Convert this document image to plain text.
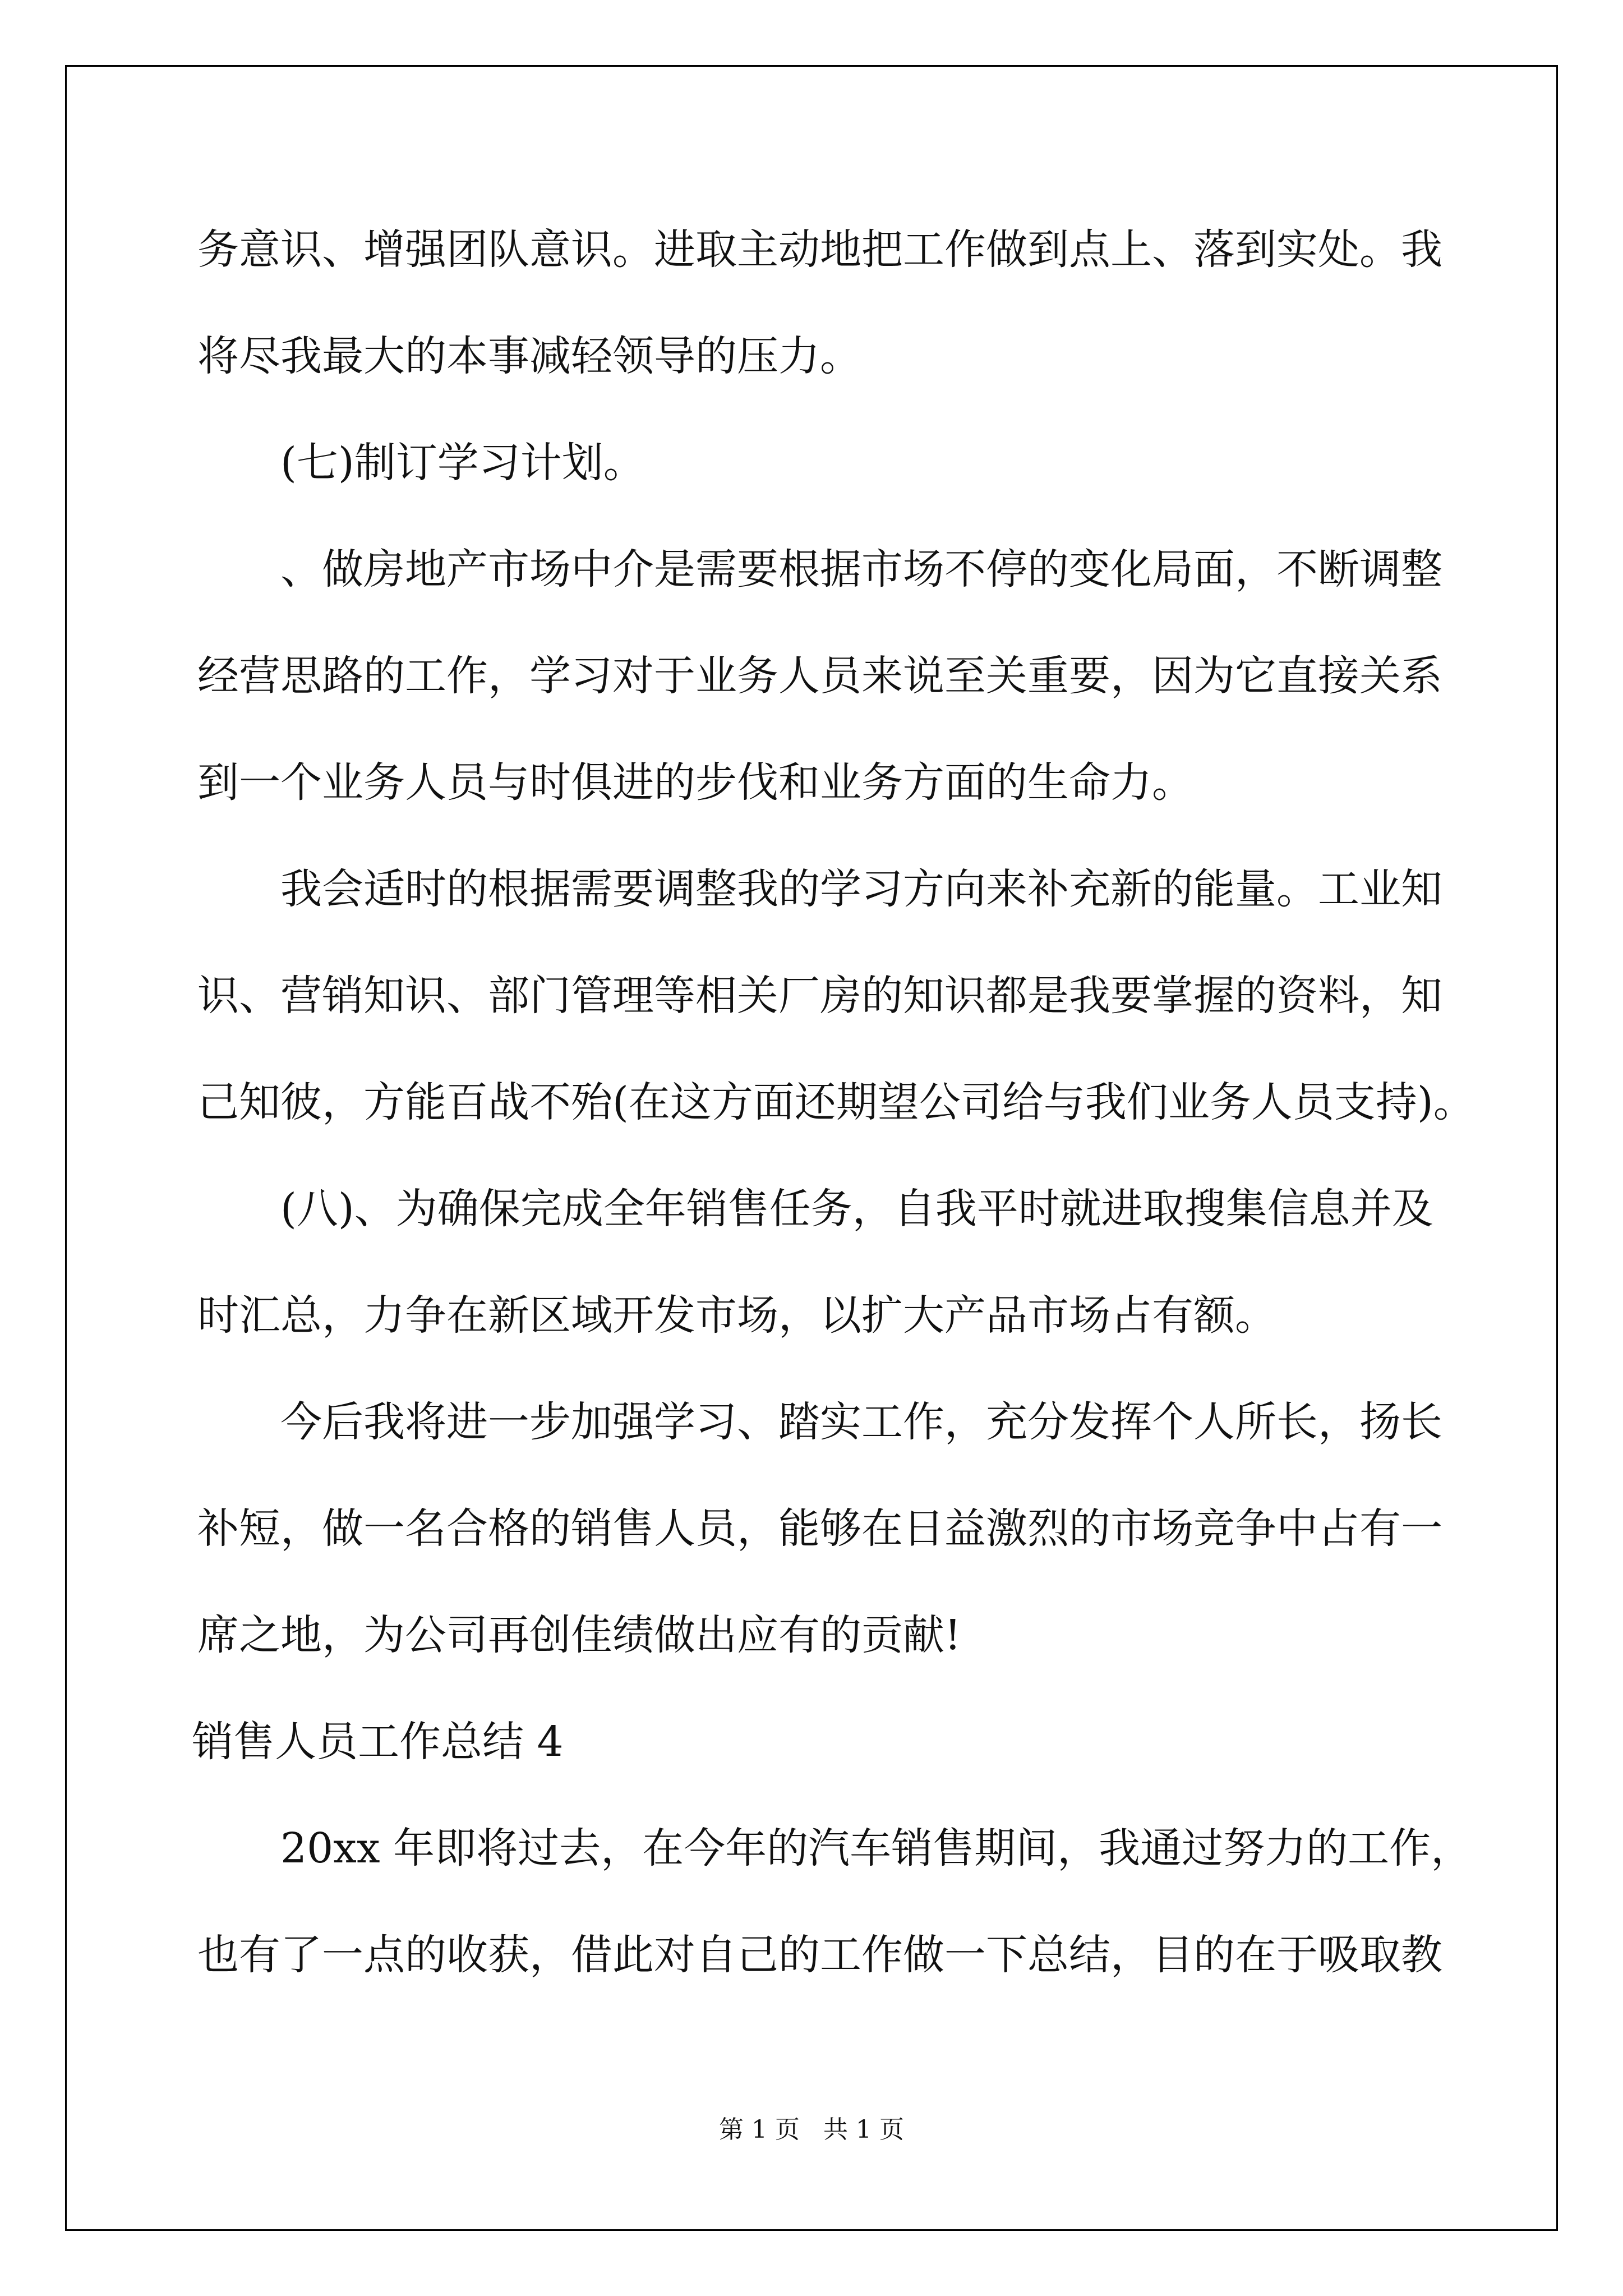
务意识、增强团队意识。进取主动地把工作做到点上、落到实处。我
将尽我最大的本事减轻领导的压力。
(七)制订学习计划。
、做房地产市场中介是需要根据市场不停的变化局面，不断调整
经营思路的工作，学习对于业务人员来说至关重要，因为它直接关系
到一个业务人员与时俱进的步伐和业务方面的生命力。
我会适时的根据需要调整我的学习方向来补充新的能量。工业知
识、营销知识、部门管理等相关厂房的知识都是我要掌握的资料，知
己知彼，方能百战不殆(在这方面还期望公司给与我们业务人员支持)。
(八)、为确保完成全年销售任务，自我平时就进取搜集信息并及
时汇总，力争在新区域开发市场，以扩大产品市场占有额。
今后我将进一步加强学习、踏实工作，充分发挥个人所长，扬长
补短，做一名合格的销售人员，能够在日益激烈的市场竞争中占有一
席之地，为公司再创佳绩做出应有的贡献!
销售人员工作总结 4
20xx 年即将过去，在今年的汽车销售期间，我通过努力的工作，
也有了一点的收获，借此对自己的工作做一下总结，目的在于吸取教
第 1 页   共 1 页
